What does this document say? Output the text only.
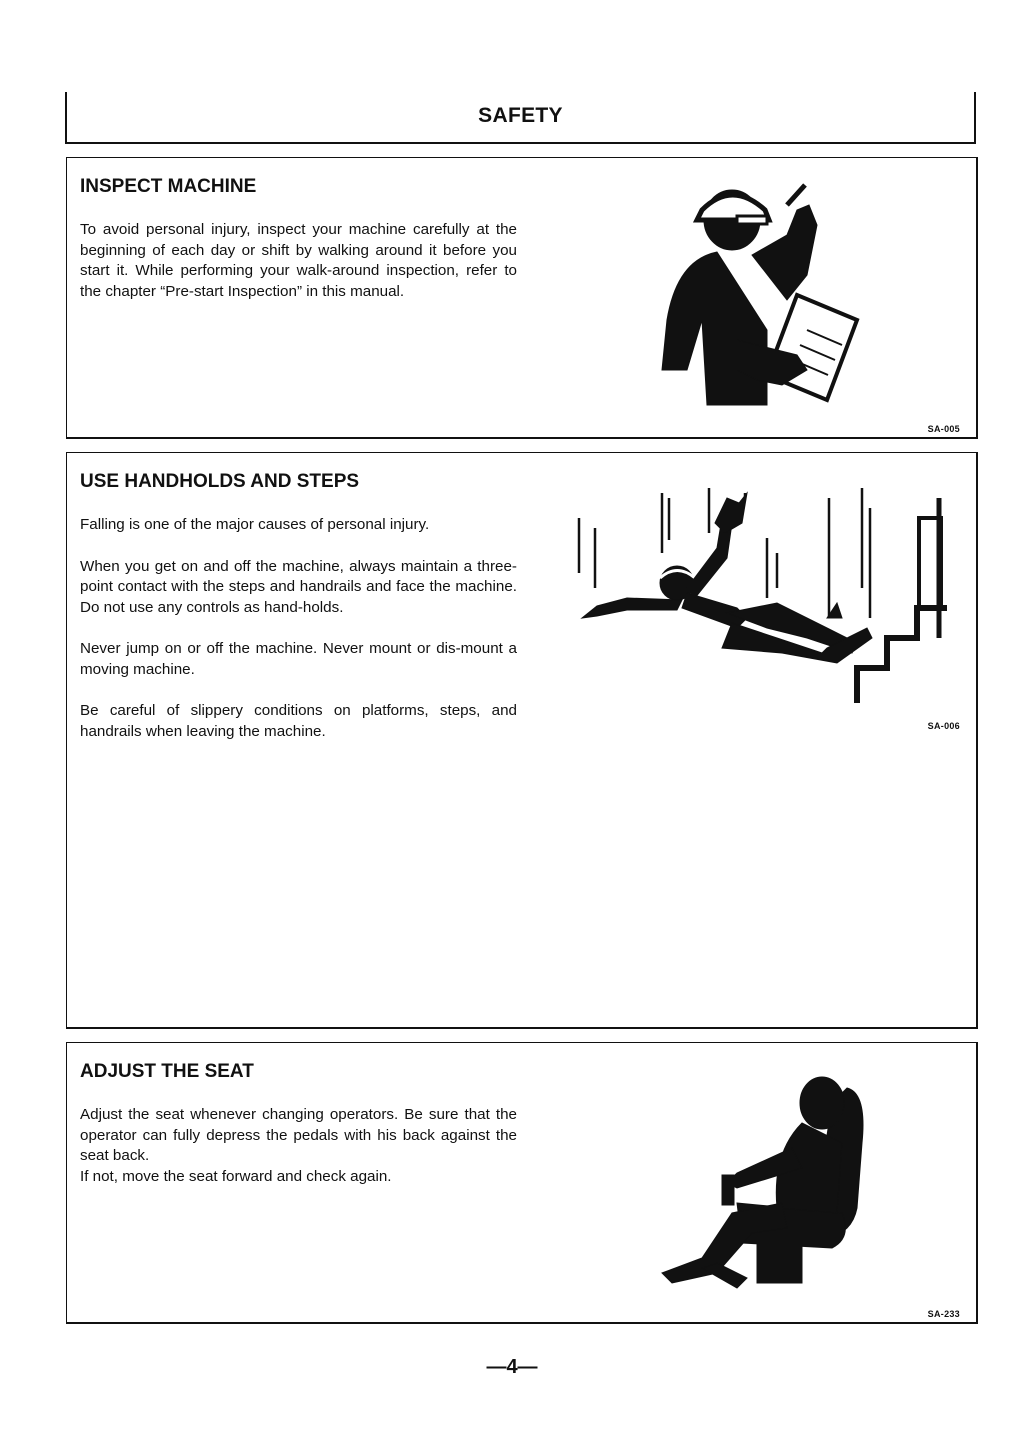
SAFETY
INSPECT MACHINE

To avoid personal injury, inspect your machine carefully at the beginning of each day or shift by walking around it before you start it. While performing your walk-around inspection, refer to the chapter “Pre-start Inspection” in this manual.

SA-005
USE HANDHOLDS AND STEPS

Falling is one of the major causes of personal injury.

When you get on and off the machine, always maintain a three-point contact with the steps and handrails and face the machine. Do not use any controls as hand-holds.

Never jump on or off the machine. Never mount or dis-mount a moving machine.

Be careful of slippery conditions on platforms, steps, and handrails when leaving the machine.	SA-006
ADJUST THE SEAT

Adjust the seat whenever changing operators. Be sure that the operator can fully depress the pedals with his back against the seat back.
If not, move the seat forward and check again.

SA-233
—4—
